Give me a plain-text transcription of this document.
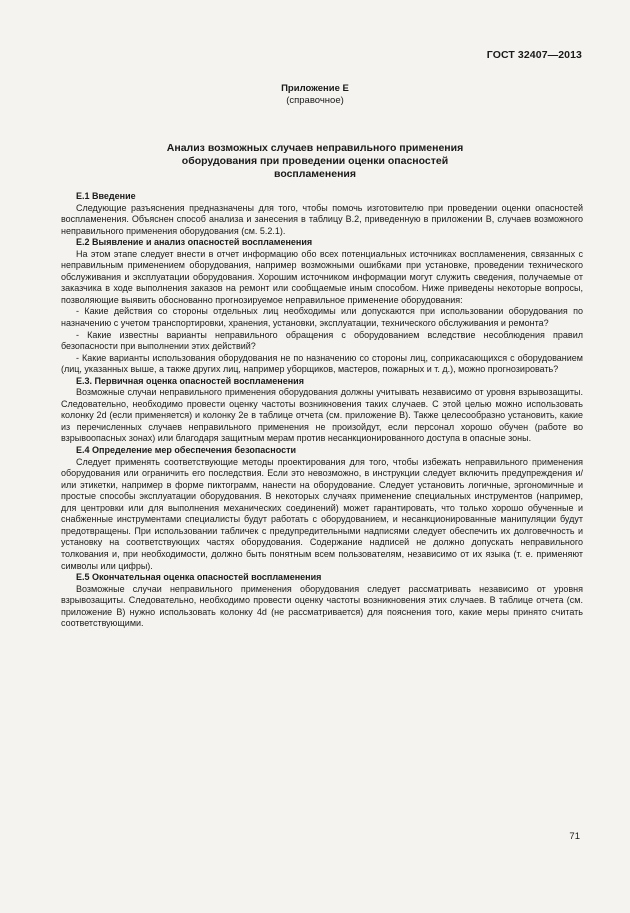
ГОСТ 32407—2013
Приложение Е
(справочное)
Анализ возможных случаев неправильного применения
оборудования при проведении оценки опасностей
воспламенения
Е.1 Введение

Следующие разъяснения предназначены для того, чтобы помочь изготовителю при проведении оценки опасностей воспламенения. Объяснен способ анализа и занесения в таблицу В.2, приведенную в приложении В, случаев возможного неправильного применения оборудования (см. 5.2.1).

Е.2 Выявление и анализ опасностей воспламенения

На этом этапе следует внести в отчет информацию обо всех потенциальных источниках воспламенения, связанных с неправильным применением оборудования, например возможными ошибками при установке, проведении технического обслуживания и эксплуатации оборудования. Хорошим источником информации могут служить сведения, получаемые от заказчика в ходе выполнения заказов на ремонт или сообщаемые иным способом. Ниже приведены некоторые вопросы, позволяющие выявить обоснованно прогнозируемое неправильное применение оборудования:

- Какие действия со стороны отдельных лиц необходимы или допускаются при использовании оборудования по назначению с учетом транспортировки, хранения, установки, эксплуатации, технического обслуживания и ремонта?

- Какие известны варианты неправильного обращения с оборудованием вследствие несоблюдения правил безопасности при выполнении этих действий?

- Какие варианты использования оборудования не по назначению со стороны лиц, соприкасающихся с оборудованием (лиц, указанных выше, а также других лиц, например уборщиков, мастеров, пожарных и т. д.), можно прогнозировать?

Е.3. Первичная оценка опасностей воспламенения

Возможные случаи неправильного применения оборудования должны учитывать независимо от уровня взрывозащиты. Следовательно, необходимо провести оценку частоты возникновения таких случаев. С этой целью можно использовать колонку 2d (если применяется) и колонку 2е в таблице отчета (см. приложение В). Также целесообразно установить, какие из перечисленных случаев неправильного применения не произойдут, если персонал хорошо обучен (работе во взрывоопасных зонах) или благодаря защитным мерам против несанкционированного доступа в опасные зоны.

Е.4 Определение мер обеспечения безопасности

Следует применять соответствующие методы проектирования для того, чтобы избежать неправильного применения оборудования или ограничить его последствия. Если это невозможно, в инструкции следует включить предупреждения и/или этикетки, например в форме пиктограмм, нанести на оборудование. Следует установить логичные, эргономичные и простые способы эксплуатации оборудования. В некоторых случаях применение специальных инструментов (например, для центровки или для выполнения механических соединений) может гарантировать, что только хорошо обученные и снабженные инструментами специалисты будут работать с оборудованием, и несанкционированные манипуляции будут предотвращены. При использовании табличек с предупредительными надписями следует обеспечить их долговечность и установку на соответствующих частях оборудования. Содержание надписей не должно допускать неправильного толкования и, при необходимости, должно быть понятным всем пользователям, независимо от их языка (т. е. применяют символы или цифры).

Е.5 Окончательная оценка опасностей воспламенения

Возможные случаи неправильного применения оборудования следует рассматривать независимо от уровня взрывозащиты. Следовательно, необходимо провести оценку частоты возникновения этих случаев. В таблице отчета (см. приложение В) нужно использовать колонку 4d (не рассматривается) для пояснения того, какие меры принято считать соответствующими.

71
